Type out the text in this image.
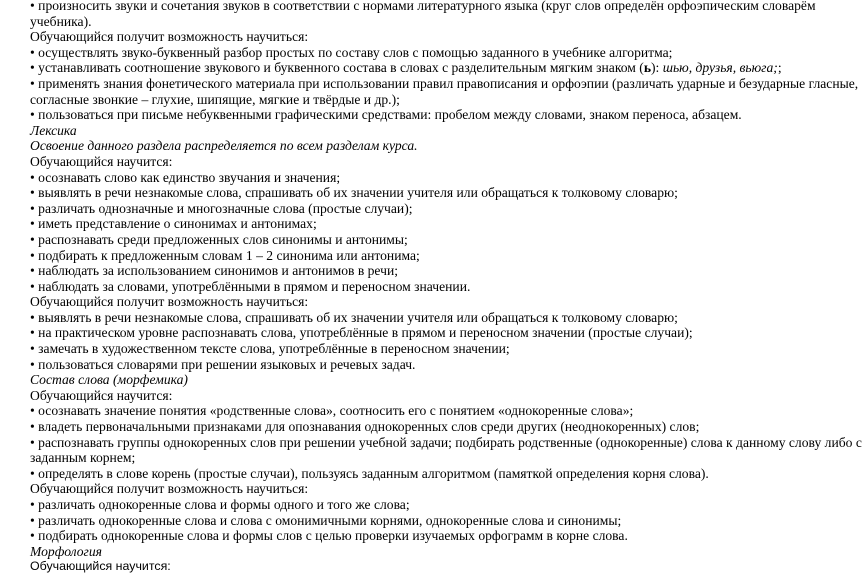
• произносить звуки и сочетания звуков в соответствии с нормами литературного языка (круг слов определён орфоэпическим словарём
учебника).
Обучающийся получит возможность научиться:
• осуществлять звуко-буквенный разбор простых по составу слов с помощью заданного в учебнике алгоритма;
• устанавливать соотношение звукового и буквенного состава в словах с разделительным мягким знаком (ь): шью, друзья, вьюга;;
• применять знания фонетического материала при использовании правил правописания и орфоэпии (различать ударные и безударные гласные,
согласные звонкие – глухие, шипящие, мягкие и твёрдые и др.);
• пользоваться при письме небуквенными графическими средствами: пробелом между словами, знаком переноса, абзацем.
Лексика
Освоение данного раздела распределяется по всем разделам курса.
Обучающийся научится:
• осознавать слово как единство звучания и значения;
• выявлять в речи незнакомые слова, спрашивать об их значении учителя или обращаться к толковому словарю;
• различать однозначные и многозначные слова (простые случаи);
• иметь представление о синонимах и антонимах;
• распознавать среди предложенных слов синонимы и антонимы;
• подбирать к предложенным словам 1 – 2 синонима или антонима;
• наблюдать за использованием синонимов и антонимов в речи;
• наблюдать за словами, употреблёнными в прямом и переносном значении.
Обучающийся получит возможность научиться:
• выявлять в речи незнакомые слова, спрашивать об их значении учителя или обращаться к толковому словарю;
• на практическом уровне распознавать слова, употреблённые в прямом и переносном значении (простые случаи);
• замечать в художественном тексте слова, употреблённые в переносном значении;
• пользоваться словарями при решении языковых и речевых задач.
Состав слова (морфемика)
Обучающийся научится:
• осознавать значение понятия «родственные слова», соотносить его с понятием «однокоренные слова»;
• владеть первоначальными признаками для опознавания однокоренных слов среди других (неоднокоренных) слов;
• распознавать группы однокоренных слов при решении учебной задачи; подбирать родственные (однокоренные) слова к данному слову либо с
заданным корнем;
• определять в слове корень (простые случаи), пользуясь заданным алгоритмом (памяткой определения корня слова).
Обучающийся получит возможность научиться:
• различать однокоренные слова и формы одного и того же слова;
• различать однокоренные слова и слова с омонимичными корнями, однокоренные слова и синонимы;
• подбирать однокоренные слова и формы слов с целью проверки изучаемых орфограмм в корне слова.
Морфология
Обучающийся научится:
